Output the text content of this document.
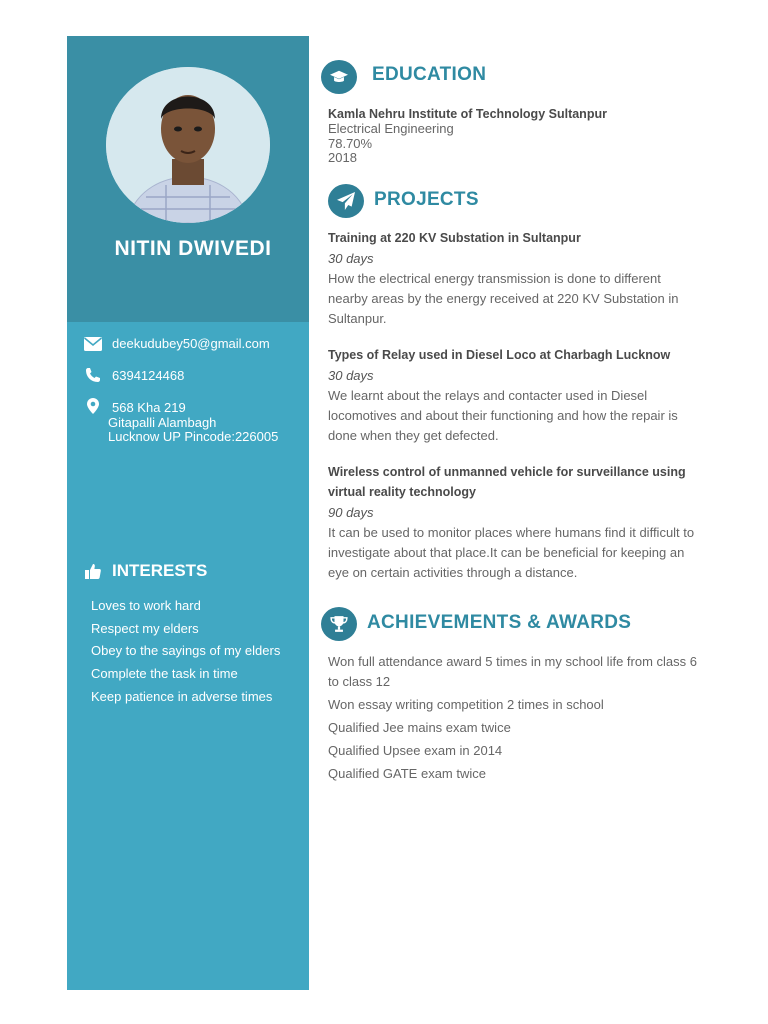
NITIN DWIVEDI
deekudubey50@gmail.com
6394124468
568 Kha 219
Gitapalli Alambagh
Lucknow UP Pincode:226005
INTERESTS
Loves to work hard
Respect my elders
Obey to the sayings of my elders
Complete the task in time
Keep patience in adverse times
EDUCATION
Kamla Nehru Institute of Technology Sultanpur
Electrical Engineering
78.70%
2018
PROJECTS
Training at 220 KV Substation in Sultanpur
30 days
How the electrical energy transmission is done to different nearby areas by the energy received at 220 KV Substation in Sultanpur.
Types of Relay used in Diesel Loco at Charbagh Lucknow
30 days
We learnt about the relays and contacter used in Diesel locomotives and about their functioning and how the repair is done when they get defected.
Wireless control of unmanned vehicle for surveillance using virtual reality technology
90 days
It can be used to monitor places where humans find it difficult to investigate about that place.It can be beneficial for keeping an eye on certain activities through a distance.
ACHIEVEMENTS & AWARDS
Won full attendance award 5 times in my school life from class 6 to class 12
Won essay writing competition 2 times in school
Qualified Jee mains exam twice
Qualified Upsee exam in 2014
Qualified GATE exam twice
